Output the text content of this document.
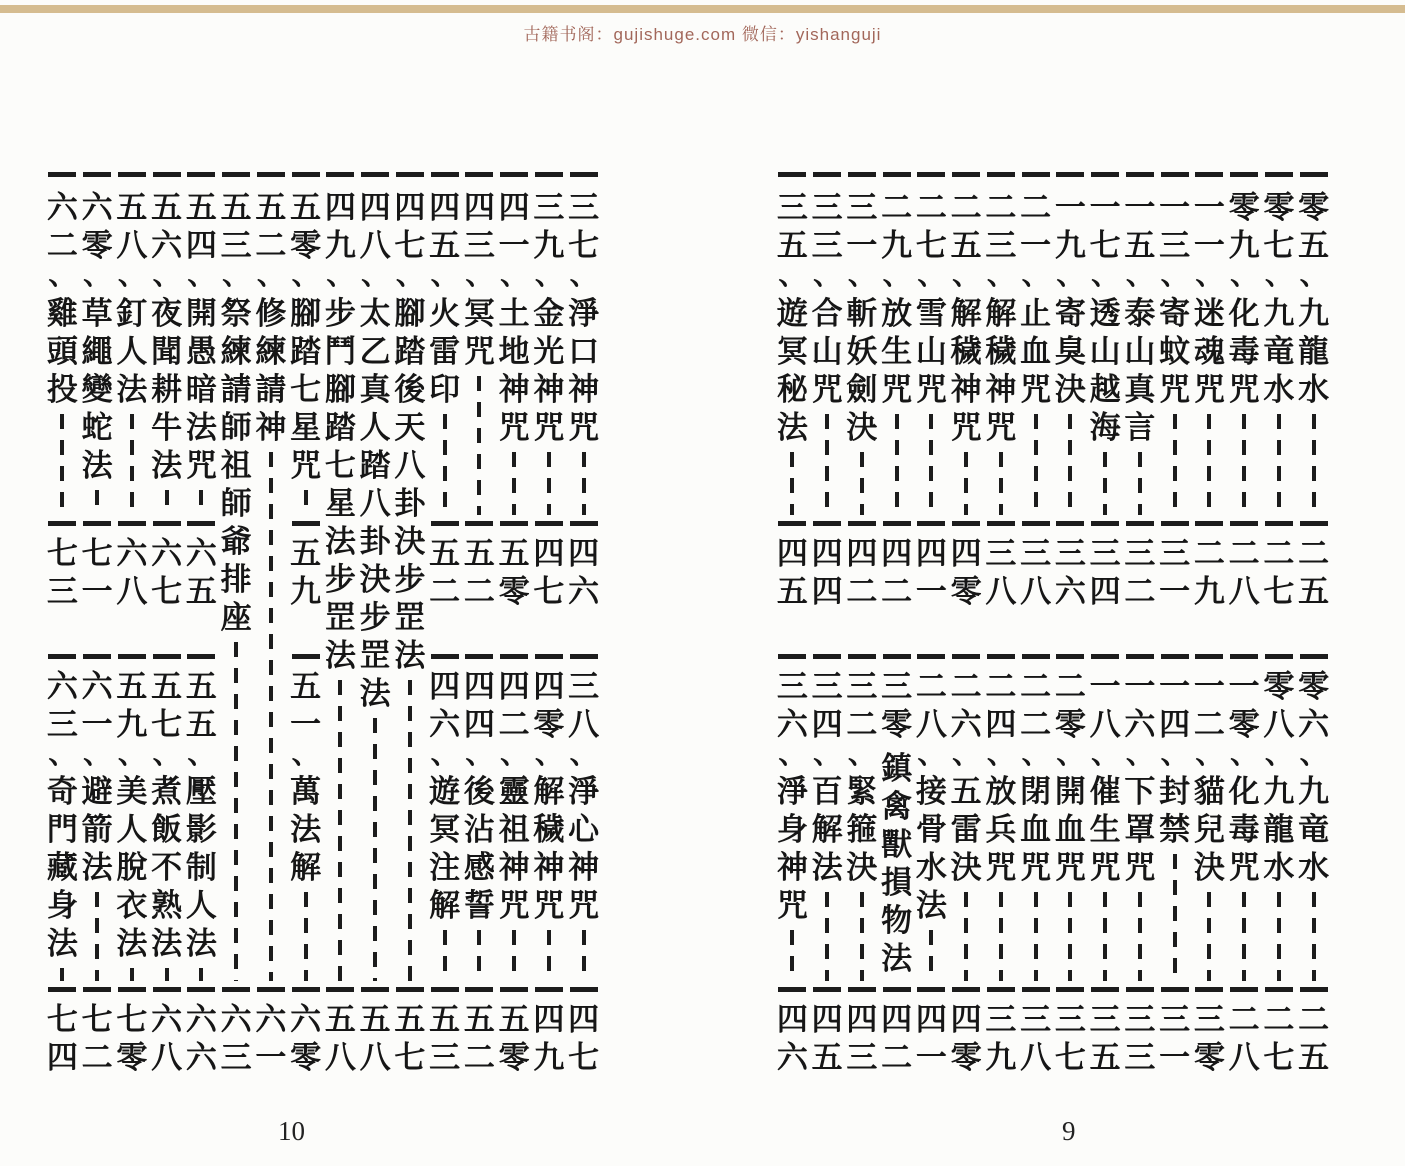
古籍书阁：gujishuge.com 微信：yishanguji
六
二
、
雞
頭
投
七
三
六
三
、
奇
門
藏
身
法
七
四
六
零
、
草
繩
變
蛇
法
七
一
六
一
、
避
箭
法
七
二
五
八
、
釘
人
法
六
八
五
九
、
美
人
脫
衣
法
七
零
五
六
、
夜
聞
耕
牛
法
六
七
五
七
、
煮
飯
不
熟
法
六
八
五
四
、
開
愚
暗
法
咒
六
五
五
五
、
壓
影
制
人
法
六
六
五
三
、
祭
練
請
師
祖
師
爺
排
座
六
三
五
二
、
修
練
請
神
六
一
五
零
、
腳
踏
七
星
咒
五
九
五
一
、
萬
法
解
六
零
四
九
、
步
鬥
腳
踏
七
星
法
步
罡
法
五
八
四
八
、
太
乙
真
人
踏
八
卦
決
步
罡
法
五
八
四
七
、
腳
踏
後
天
八
卦
決
步
罡
法
五
七
四
五
、
火
雷
印
五
二
四
六
、
遊
冥
注
解
五
三
四
三
、
冥
咒
五
二
四
四
、
後
沾
感
誓
五
二
四
一
、
土
地
神
咒
五
零
四
二
、
靈
祖
神
咒
五
零
三
九
、
金
光
神
咒
四
七
四
零
、
解
穢
神
咒
四
九
三
七
、
淨
口
神
咒
四
六
三
八
、
淨
心
神
咒
四
七
三
五
、
遊
冥
秘
法
四
五
三
六
、
淨
身
神
咒
四
六
三
三
、
合
山
咒
四
四
三
四
、
百
解
法
四
五
三
一
、
斬
妖
劍
決
四
二
三
二
、
緊
箍
決
四
三
二
九
、
放
生
咒
四
二
三
零
鎮
禽
獸
損
物
法
四
二
二
七
、
雪
山
咒
四
一
二
八
、
接
骨
水
法
四
一
二
五
、
解
穢
神
咒
四
零
二
六
、
五
雷
決
四
零
二
三
、
解
穢
神
咒
三
八
二
四
、
放
兵
咒
三
九
二
一
、
止
血
咒
三
八
二
二
、
閉
血
咒
三
八
一
九
、
寄
臭
決
三
六
二
零
、
開
血
咒
三
七
一
七
、
透
山
越
海
三
四
一
八
、
催
生
咒
三
五
一
五
、
泰
山
真
言
三
二
一
六
、
下
罩
咒
三
三
一
三
、
寄
蚊
咒
三
一
一
四
、
封
禁
三
一
一
一
、
迷
魂
咒
二
九
一
二
、
貓
兒
決
三
零
零
九
、
化
毒
咒
二
八
一
零
、
化
毒
咒
二
八
零
七
、
九
竜
水
二
七
零
八
、
九
龍
水
二
七
零
五
、
九
龍
水
二
五
零
六
、
九
竜
水
二
五
10	9
